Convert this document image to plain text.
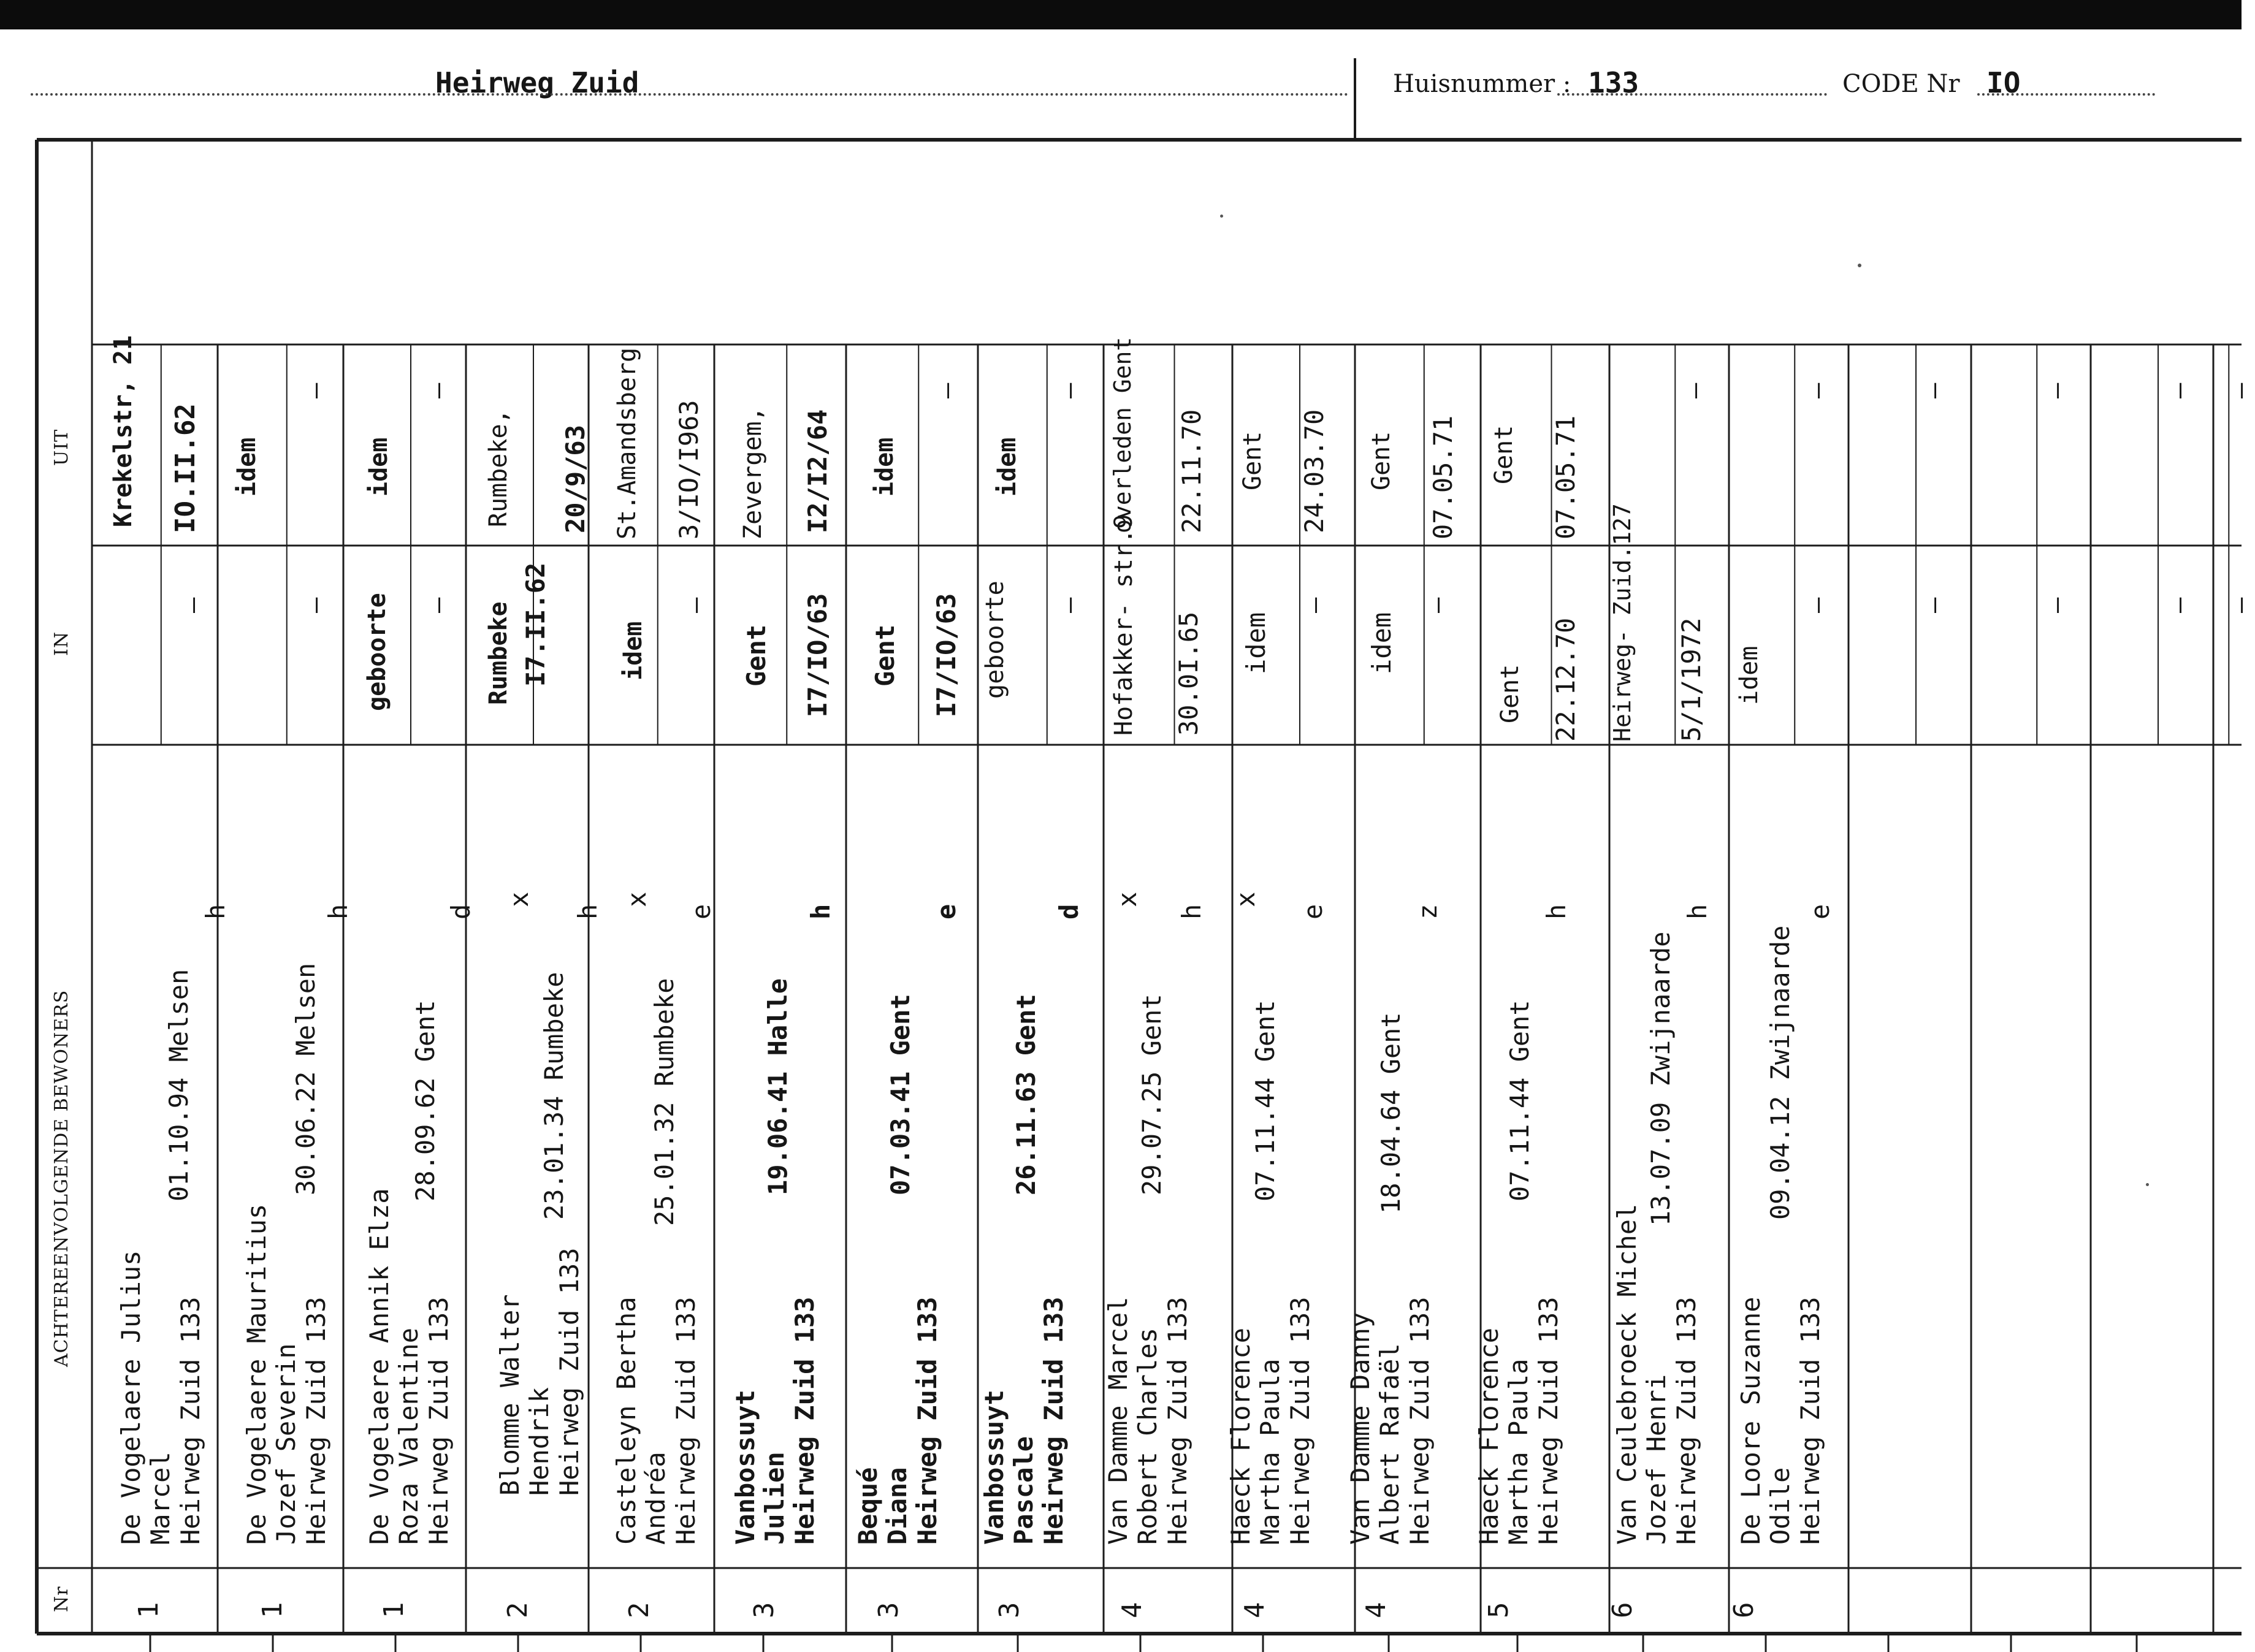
Heirweg Zuid	Huisnummer : 133	CODE Nr IO
Nr
ACHTEREENVOLGENDE BEWONERS
IN
UIT
1
De Vogelaere Julius Marcel Heirweg Zuid 133
01.10.94 Melsen
h
—
Krekelstr, 21 IO.II.62
1
De Vogelaere Mauritius Jozef Severin Heirweg Zuid 133
30.06.22 Melsen
h
—
idem
—
1
De Vogelaere Annik Elza Roza Valentine Heirweg Zuid 133
28.09.62 Gent
d
geboorte —
idem
—
2
Blomme Walter Hendrik Heirweg Zuid 133
23.01.34 Rumbeke
h
x
Rumbeke I7.II.62
Rumbeke, 20/9/63
2
Casteleyn Bertha Andréa Heirweg Zuid 133
25.01.32 Rumbeke
e
x
idem
—
St.Amandsberg 3/IO/I963
3
Vanbossuyt Julien Heirweg Zuid 133
19.06.41 Halle
h
Gent I7/IO/63
Zevergem, I2/I2/64
3
Bequé Diana Heirweg Zuid 133
07.03.41 Gent
e
Gent I7/IO/63
idem
—
3
Vanbossuyt Pascale Heirweg Zuid 133
26.11.63 Gent
d
geboorte —
idem
—
4
Van Damme Marcel Robert Charles Heirweg Zuid 133
29.07.25 Gent
h
x
Hofakker- str.9 30.0I.65
overleden Gent 22.11.70
4
Haeck Florence Martha Paula Heirweg Zuid 133
07.11.44 Gent
e
x
idem
—
Gent 24.03.70
4
Van Damme Danny Albert Rafaël Heirweg Zuid 133
18.04.64 Gent
z
idem
—
Gent 07.05.71
5
Haeck Florence Martha Paula Heirweg Zuid 133
07.11.44 Gent
h
Gent 22.12.70
Gent 07.05.71
6
Van Ceulebroeck Michel Jozef Henri Heirweg Zuid 133
13.07.09 Zwijnaarde
h
Heirweg- Zuid.127 5/1/1972
—
6
De Loore Suzanne Odile Heirweg Zuid 133
09.04.12 Zwijnaarde
e
idem
—
—
—
—
—
—
—
—
—
—
